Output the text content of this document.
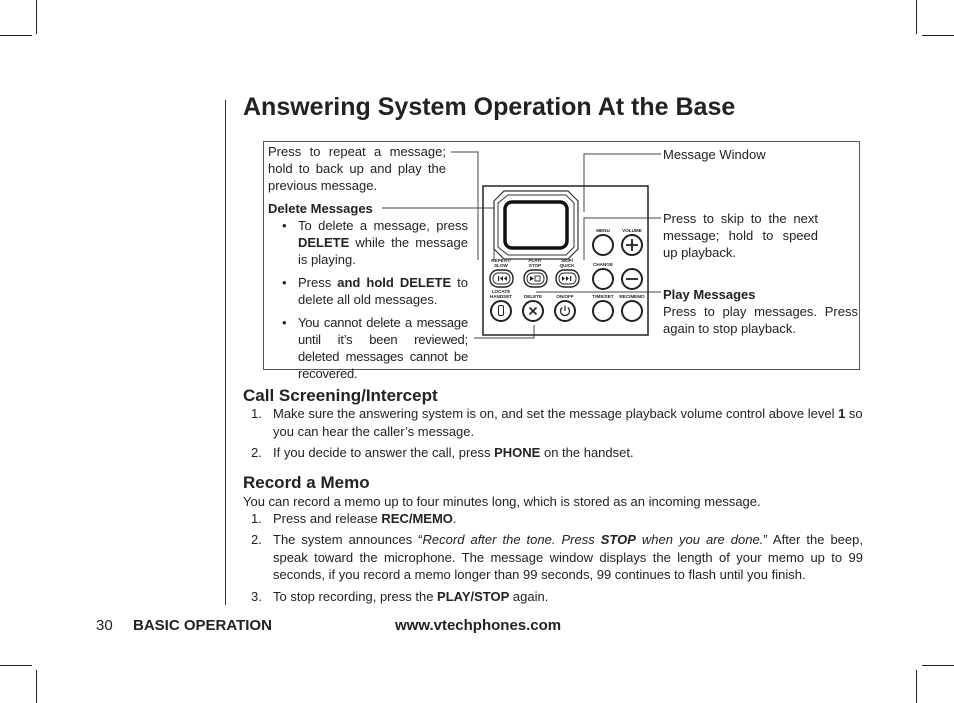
Answering System Operation At the Base
Press to repeat a message; hold to back up and play the previous message.
Delete Messages
• To delete a message, press DELETE while the message is playing.
• Press and hold DELETE to delete all old messages.
• You cannot delete a message until it’s been reviewed; deleted messages cannot be recovered.
Message Window
Press to skip to the next message; hold to speed up playback.
Play Messages
Press to play messages. Press again to stop playback.
REPEAT/
SLOW
PLAY/
STOP
SKIP/
QUICK
MENU	VOLUME
CHANGE
LOCATE
HANDSET	DELETE	ON/OFF	TIME/SET REC/MEMO
Call Screening/Intercept
1. Make sure the answering system is on, and set the message playback volume control above level 1 so you can hear the caller’s message.
2. If you decide to answer the call, press PHONE on the handset.
Record a Memo
You can record a memo up to four minutes long, which is stored as an incoming message.
1. Press and release REC/MEMO.
2. The system announces “Record after the tone. Press STOP when you are done.” After the beep, speak toward the microphone. The message window displays the length of your memo up to 99 seconds, if you record a memo longer than 99 seconds, 99 continues to flash until you finish.
3. To stop recording, press the PLAY/STOP again.
30 BASIC OPERATION	www.vtechphones.com
